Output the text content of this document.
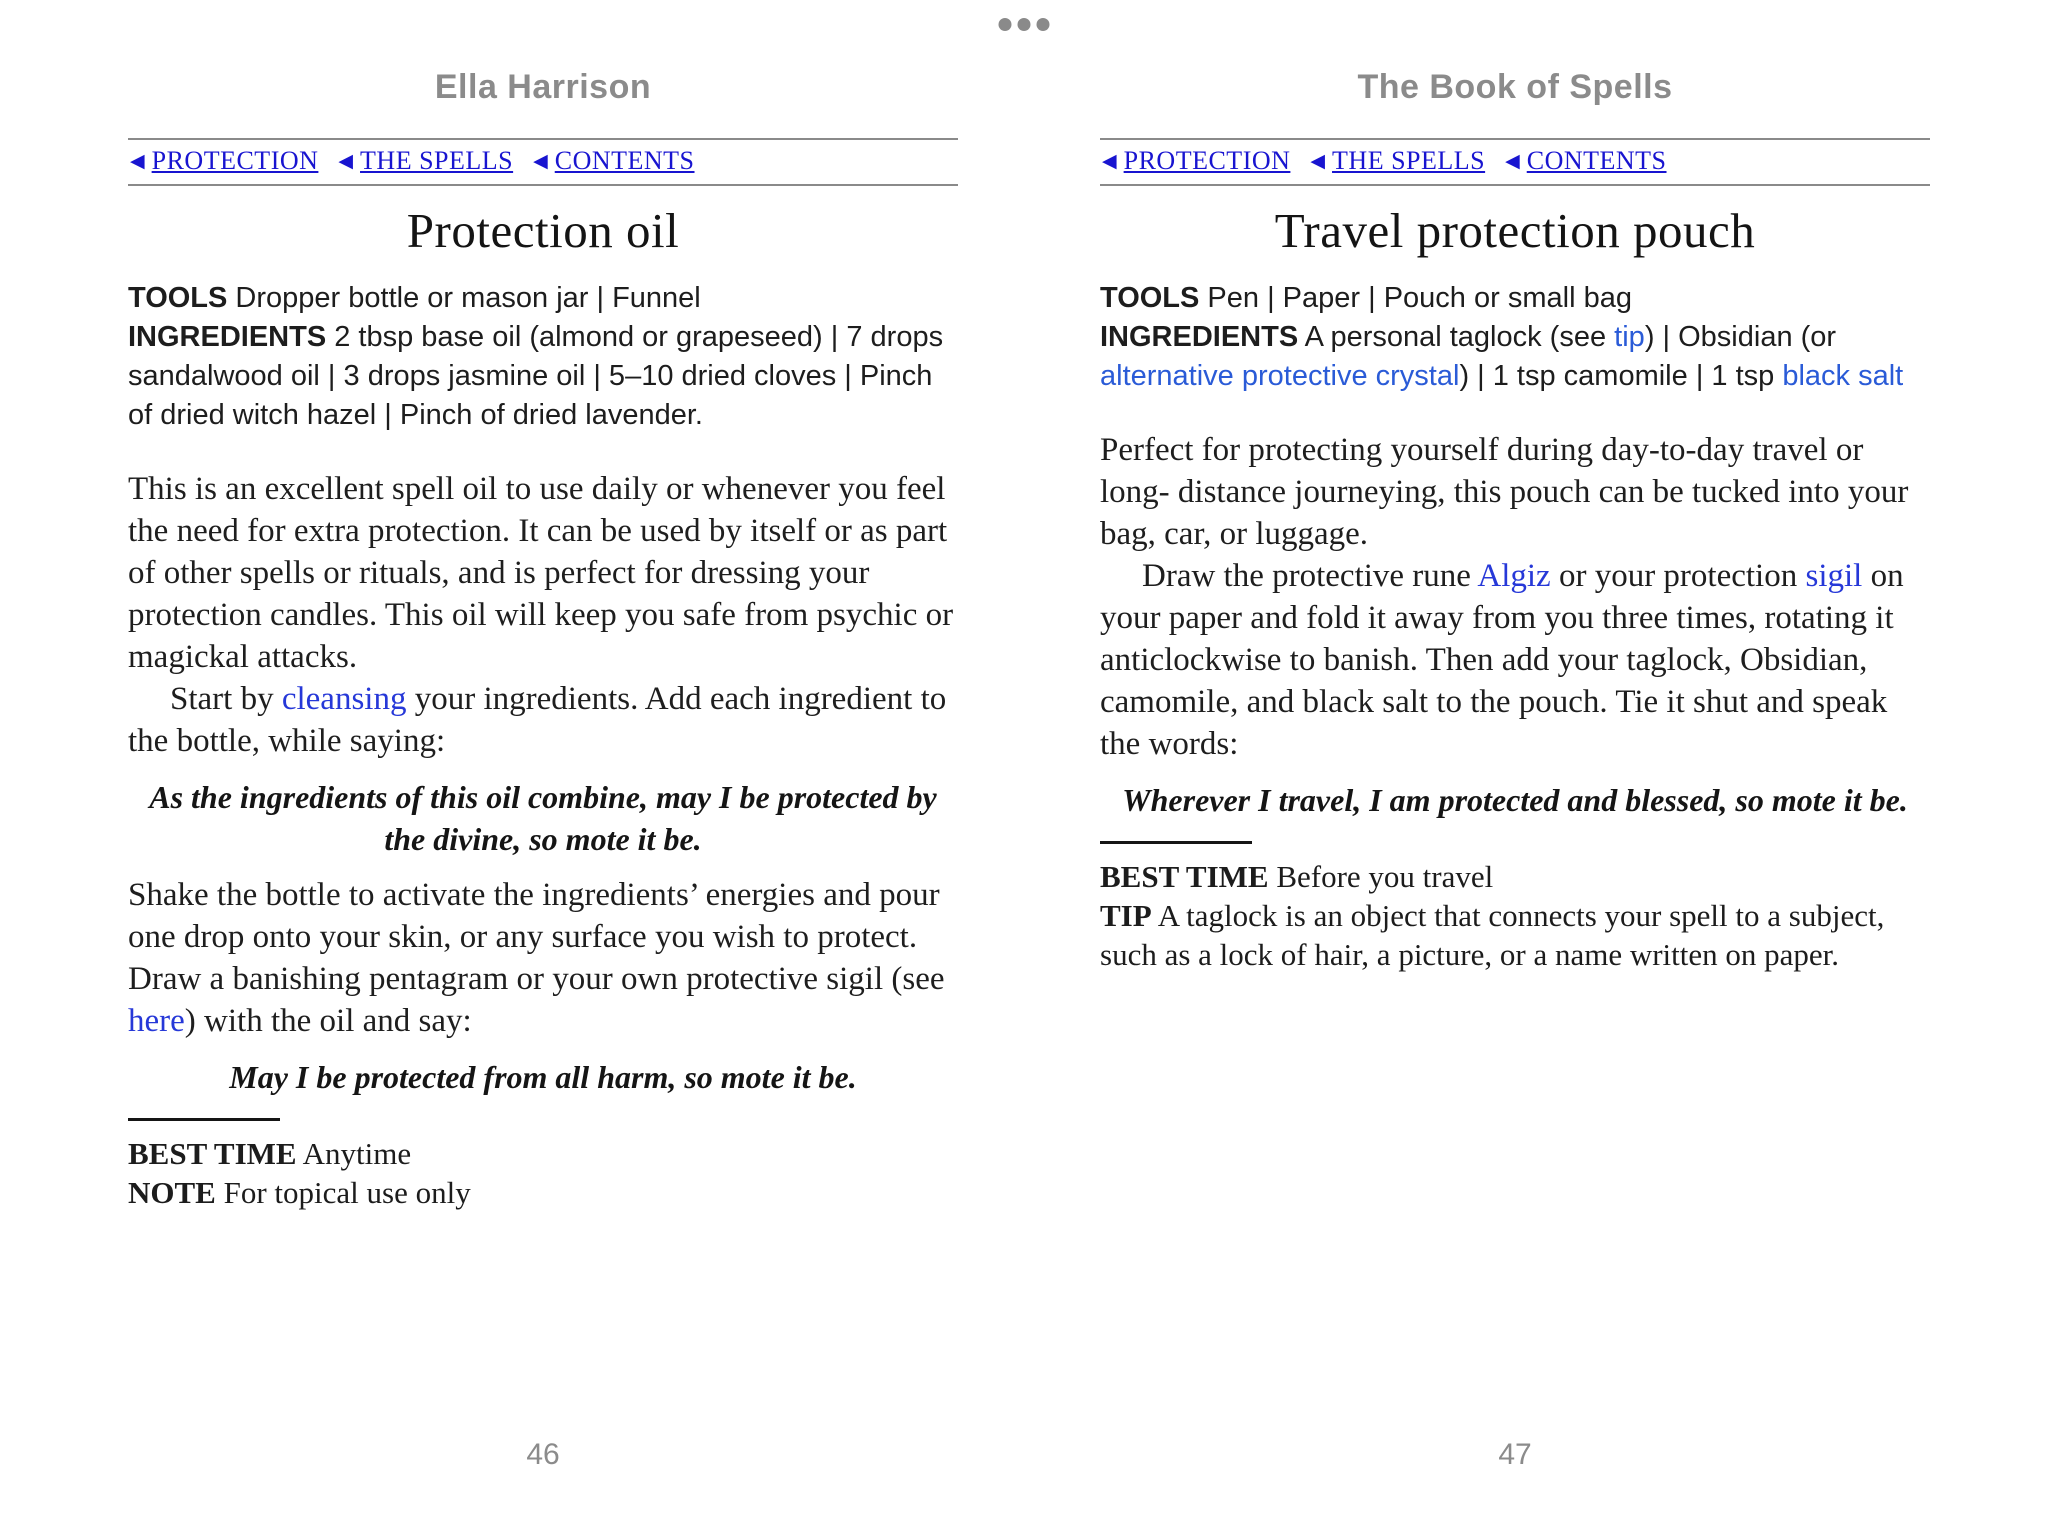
Ella Harrison
◀ PROTECTION ◀ THE SPELLS ◀ CONTENTS
Protection oil

TOOLS Dropper bottle or mason jar | Funnel
INGREDIENTS 2 tbsp base oil (almond or grapeseed) | 7 drops sandalwood oil | 3 drops jasmine oil | 5–10 dried cloves | Pinch of dried witch hazel | Pinch of dried lavender.

This is an excellent spell oil to use daily or whenever you feel the need for extra protection. It can be used by itself or as part of other spells or rituals, and is perfect for dressing your protection candles. This oil will keep you safe from psychic or magickal attacks.

Start by cleansing your ingredients. Add each ingredient to the bottle, while saying:

As the ingredients of this oil combine, may I be protected by the divine, so mote it be.

Shake the bottle to activate the ingredients’ energies and pour one drop onto your skin, or any surface you wish to protect. Draw a banishing pentagram or your own protective sigil (see here) with the oil and say:

May I be protected from all harm, so mote it be.

BEST TIME Anytime
NOTE For topical use only

46
The Book of Spells
◀ PROTECTION ◀ THE SPELLS ◀ CONTENTS
Travel protection pouch

TOOLS Pen | Paper | Pouch or small bag
INGREDIENTS A personal taglock (see tip) | Obsidian (or alternative protective crystal) | 1 tsp camomile | 1 tsp black salt

Perfect for protecting yourself during day-to-day travel or long- distance journeying, this pouch can be tucked into your bag, car, or luggage.

Draw the protective rune Algiz or your protection sigil on your paper and fold it away from you three times, rotating it anticlockwise to banish. Then add your taglock, Obsidian, camomile, and black salt to the pouch. Tie it shut and speak the words:

Wherever I travel, I am protected and blessed, so mote it be.

BEST TIME Before you travel
TIP A taglock is an object that connects your spell to a subject, such as a lock of hair, a picture, or a name written on paper.

47
